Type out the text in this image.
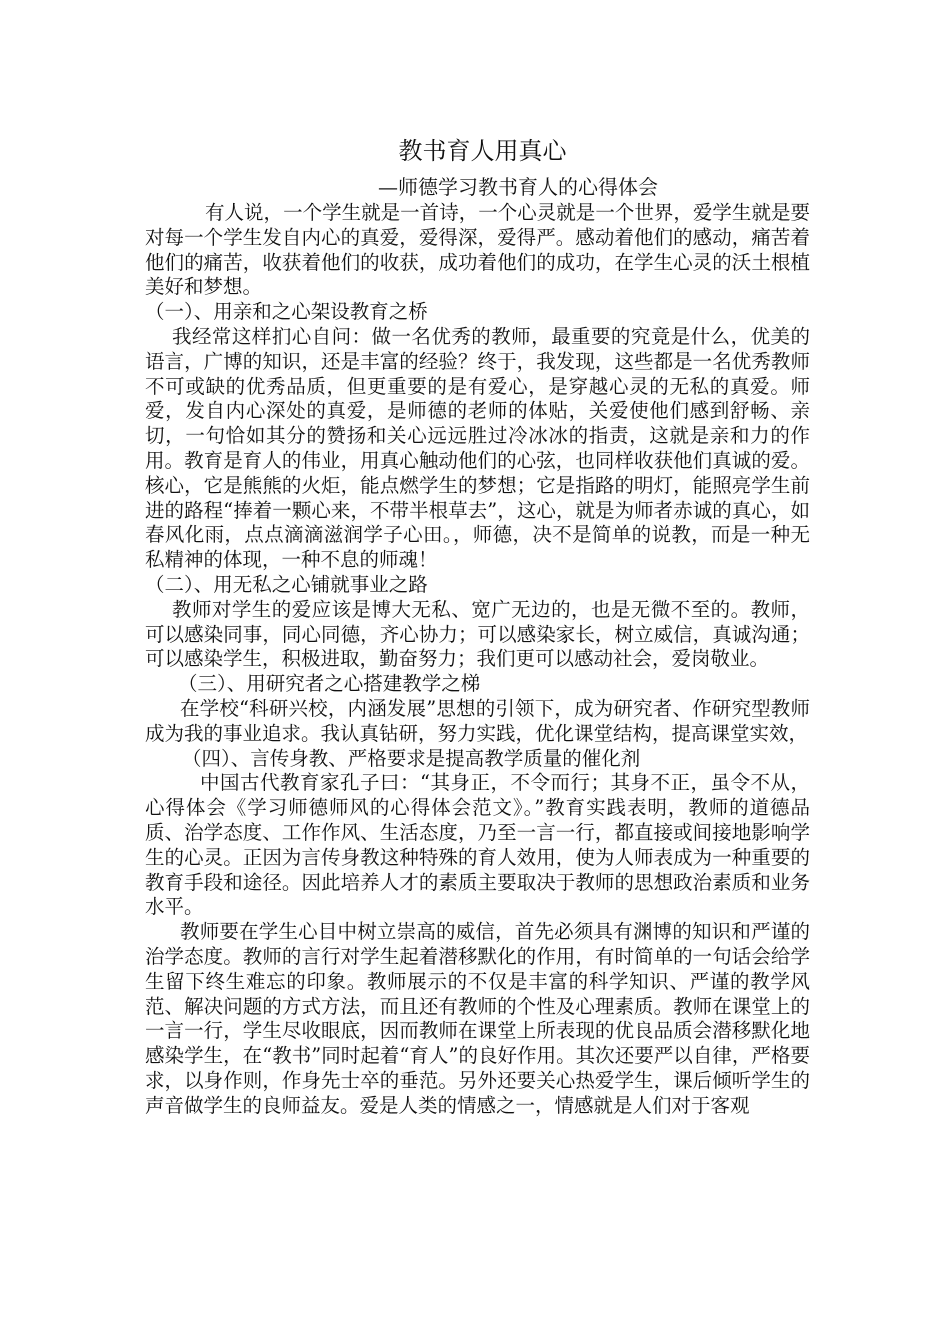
教书育人用真心
—师德学习教书育人的心得体会

有人说，一个学生就是一首诗，一个心灵就是一个世界，爱学生就是要对每一个学生发自内心的真爱，爱得深，爱得严。感动着他们的感动，痛苦着他们的痛苦，收获着他们的收获，成功着他们的成功，在学生心灵的沃土根植美好和梦想。

（一）、用亲和之心架设教育之桥

我经常这样扪心自问：做一名优秀的教师，最重要的究竟是什么，优美的语言，广博的知识，还是丰富的经验？终于，我发现，这些都是一名优秀教师不可或缺的优秀品质，但更重要的是有爱心，是穿越心灵的无私的真爱。师爱，发自内心深处的真爱，是师德的老师的体贴，关爱使他们感到舒畅、亲切，一句恰如其分的赞扬和关心远远胜过冷冰冰的指责，这就是亲和力的作用。教育是育人的伟业，用真心触动他们的心弦，也同样收获他们真诚的爱。核心，它是熊熊的火炬，能点燃学生的梦想；它是指路的明灯，能照亮学生前进的路程“捧着一颗心来，不带半根草去”，这心，就是为师者赤诚的真心，如春风化雨，点点滴滴滋润学子心田。，师德，决不是简单的说教，而是一种无私精神的体现，一种不息的师魂！

（二）、用无私之心铺就事业之路

教师对学生的爱应该是博大无私、宽广无边的，也是无微不至的。教师，可以感染同事，同心同德，齐心协力；可以感染家长，树立威信，真诚沟通；可以感染学生，积极进取，勤奋努力；我们更可以感动社会，爱岗敬业。

（三）、用研究者之心搭建教学之梯

在学校“科研兴校，内涵发展”思想的引领下，成为研究者、作研究型教师成为我的事业追求。我认真钻研，努力实践，优化课堂结构，提高课堂实效，

（四）、言传身教、严格要求是提高教学质量的催化剂

中国古代教育家孔子曰：“其身正，不令而行；其身不正，虽令不从，心得体会《学习师德师风的心得体会范文》。”教育实践表明，教师的道德品质、治学态度、工作作风、生活态度，乃至一言一行，都直接或间接地影响学生的心灵。正因为言传身教这种特殊的育人效用，使为人师表成为一种重要的教育手段和途径。因此培养人才的素质主要取决于教师的思想政治素质和业务水平。

教师要在学生心目中树立崇高的威信，首先必须具有渊博的知识和严谨的治学态度。教师的言行对学生起着潜移默化的作用，有时简单的一句话会给学生留下终生难忘的印象。教师展示的不仅是丰富的科学知识、严谨的教学风范、解决问题的方式方法，而且还有教师的个性及心理素质。教师在课堂上的一言一行，学生尽收眼底，因而教师在课堂上所表现的优良品质会潜移默化地感染学生，在“教书”同时起着“育人”的良好作用。其次还要严以自律，严格要求，以身作则，作身先士卒的垂范。另外还要关心热爱学生，课后倾听学生的声音做学生的良师益友。爱是人类的情感之一，情感就是人们对于客观
